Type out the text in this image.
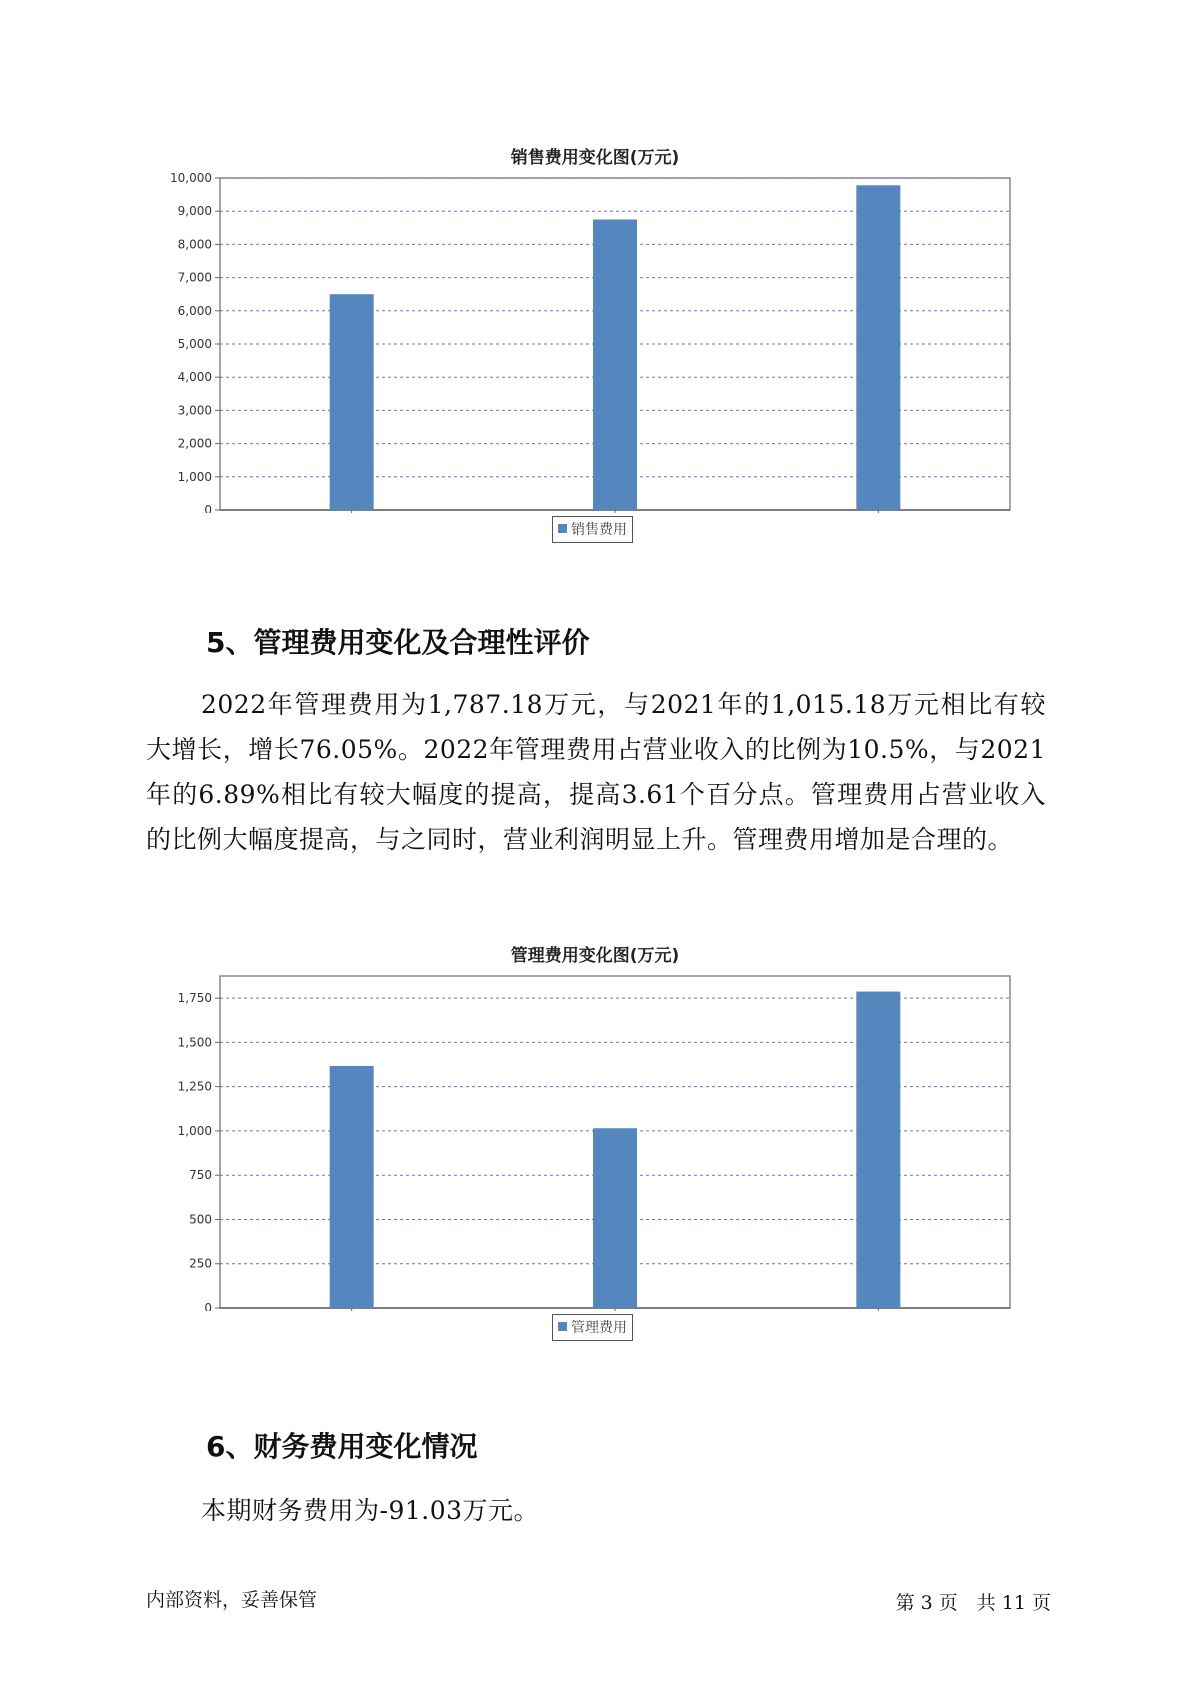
销售费用变化图(万元)
0
1,000
2,000
3,000
4,000
5,000
6,000
7,000
8,000
9,000
10,000
销售费用
5、管理费用变化及合理性评价
2022年管理费用为1,787.18万元，与2021年的1,015.18万元相比有较大增长，增长76.05%。2022年管理费用占营业收入的比例为10.5%，与2021年的6.89%相比有较大幅度的提高，提高3.61个百分点。管理费用占营业收入的比例大幅度提高，与之同时，营业利润明显上升。管理费用增加是合理的。
管理费用变化图(万元)
0
250
500
750
1,000
1,250
1,500
1,750
管理费用
6、财务费用变化情况
本期财务费用为-91.03万元。
内部资料，妥善保管	第 3 页　共 11 页
